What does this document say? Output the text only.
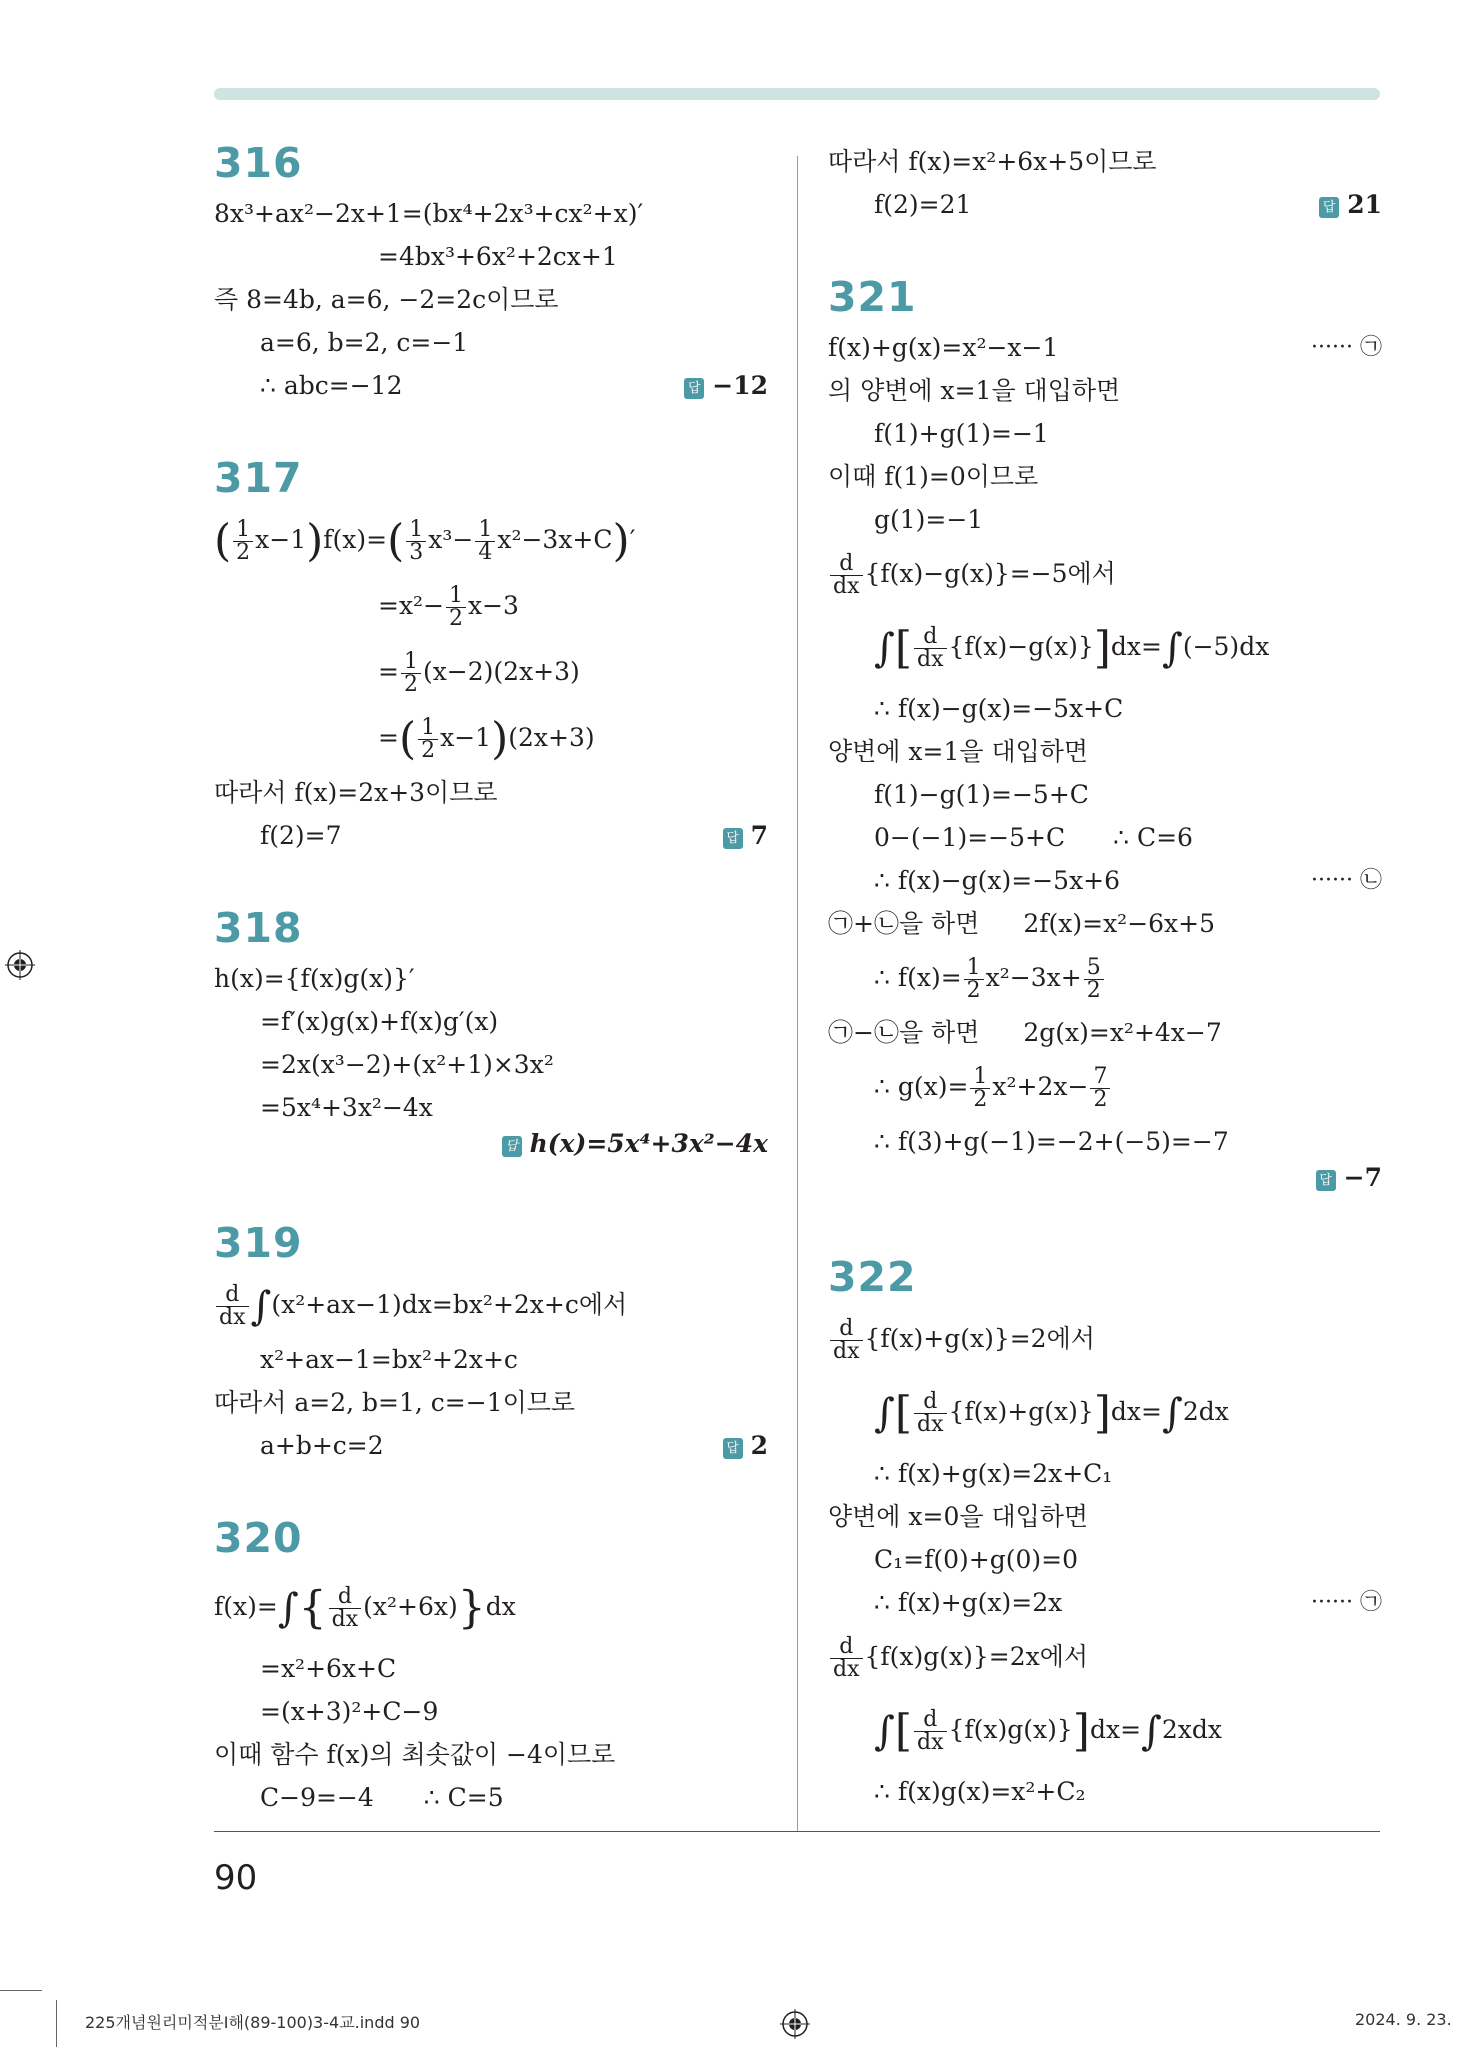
316
8x³+ax²−2x+1=(bx⁴+2x³+cx²+x)′
=4bx³+6x²+2cx+1
즉 8=4b, a=6, −2=2c이므로
a=6, b=2, c=−1
∴ abc=−12	답 −12
317
( $\frac{1}{2} x-1)f(x)=( \frac{1}{3} x^3- \frac{1}{4} x^2-3x+C)'$
$=x^2- \frac{1}{2} x-3$
= $\frac{1}{2} (x-2)(2x+3)$
=( $\frac{1}{2} x-1)(2x+3)$
따라서 f(x)=2x+3이므로
f(2)=7	답 7
318
h(x)={f(x)g(x)}′
=f′(x)g(x)+f(x)g′(x)
=2x(x³−2)+(x²+1)×3x²
=5x⁴+3x²−4x
답 h(x)=5x⁴+3x²−4x
319
$\frac{d}{dx} \int(x^2+ax-1)dx=bx^2+2x+c$에서
x²+ax−1=bx²+2x+c
따라서 a=2, b=1, c=−1이므로
a+b+c=2	답 2
320
$f(x)=\int\{ \frac{d}{dx} (x^2+6x)\}dx$
=x²+6x+C
=(x+3)²+C−9
이때 함수 f(x)의 최솟값이 −4이므로
C−9=−4 ∴ C=5
따라서 f(x)=x²+6x+5이므로
f(2)=21	답 21
321
f(x)+g(x)=x²−x−1	······ ㉠
의 양변에 x=1을 대입하면
f(1)+g(1)=−1
이때 f(1)=0이므로
g(1)=−1
$\frac{d}{dx} \{f(x)-g(x)\}=-5$에서
∫[ $\frac{d}{dx} \{f(x)-g(x)\}]dx=\int(-5)dx$
∴ f(x)−g(x)=−5x+C
양변에 x=1을 대입하면
f(1)−g(1)=−5+C
0−(−1)=−5+C ∴ C=6
∴ f(x)−g(x)=−5x+6	······ ㉡
㉠+㉡을 하면 2f(x)=x²−6x+5
∴ $f(x)= \frac{1}{2} x^2-3x+ \frac{5}{2}$
㉠−㉡을 하면 2g(x)=x²+4x−7
∴ $g(x)= \frac{1}{2} x^2+2x- \frac{7}{2}$
∴ f(3)+g(−1)=−2+(−5)=−7
답 −7
322
$\frac{d}{dx} \{f(x)+g(x)\}=2$에서
∫[ $\frac{d}{dx} \{f(x)+g(x)\}]dx=\int 2dx$
∴ f(x)+g(x)=2x+C₁
양변에 x=0을 대입하면
C₁=f(0)+g(0)=0
∴ f(x)+g(x)=2x	······ ㉠
$\frac{d}{dx} \{f(x)g(x)\}=2x$에서
∫[ $\frac{d}{dx} \{f(x)g(x)\}]dx=\int 2xdx$
∴ f(x)g(x)=x²+C₂
90
225개념원리미적분Ⅰ해(89-100)3-4교.indd 90	2024. 9. 23.
